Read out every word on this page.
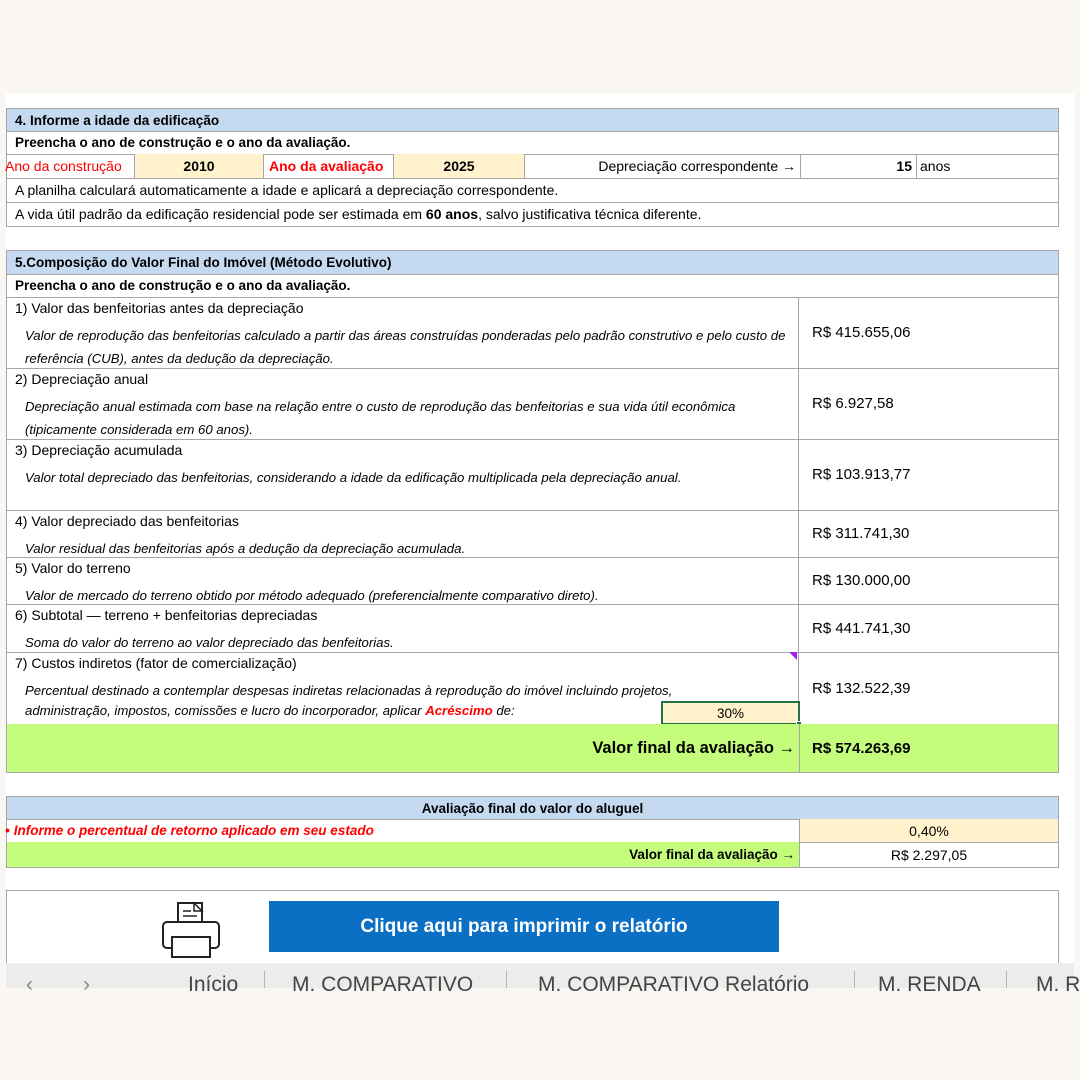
4. Informe a idade da edificação
Preencha o ano de construção e o ano da avaliação.
Ano da construção	2010	Ano da avaliação	2025	Depreciação correspondente →	15 anos
A planilha calculará automaticamente a idade e aplicará a depreciação correspondente.
A vida útil padrão da edificação residencial pode ser estimada em 60 anos, salvo justificativa técnica diferente.
5.Composição do Valor Final do Imóvel (Método Evolutivo)
Preencha o ano de construção e o ano da avaliação.
1) Valor das benfeitorias antes da depreciação
Valor de reprodução das benfeitorias calculado a partir das áreas construídas ponderadas pelo padrão construtivo e pelo custo de referência (CUB), antes da dedução da depreciação.
R$ 415.655,06
2) Depreciação anual
Depreciação anual estimada com base na relação entre o custo de reprodução das benfeitorias e sua vida útil econômica (tipicamente considerada em 60 anos).
R$ 6.927,58
3) Depreciação acumulada
Valor total depreciado das benfeitorias, considerando a idade da edificação multiplicada pela depreciação anual.	R$ 103.913,77
4) Valor depreciado das benfeitorias
Valor residual das benfeitorias após a dedução da depreciação acumulada.
R$ 311.741,30
5) Valor do terreno
Valor de mercado do terreno obtido por método adequado (preferencialmente comparativo direto).
R$ 130.000,00
6) Subtotal — terreno + benfeitorias depreciadas
Soma do valor do terreno ao valor depreciado das benfeitorias.
R$ 441.741,30
7) Custos indiretos (fator de comercialização)
Percentual destinado a contemplar despesas indiretas relacionadas à reprodução do imóvel incluindo projetos,
administração, impostos, comissões e lucro do incorporador, aplicar Acréscimo de:	30%
R$ 132.522,39
Valor final da avaliação → R$ 574.263,69
Avaliação final do valor do aluguel
• Informe o percentual de retorno aplicado em seu estado	0,40%
Valor final da avaliação →	R$ 2.297,05
Clique aqui para imprimir o relatório
‹ ›	Início	M. COMPARATIVO	M. COMPARATIVO Relatório	M. RENDA	M. R
